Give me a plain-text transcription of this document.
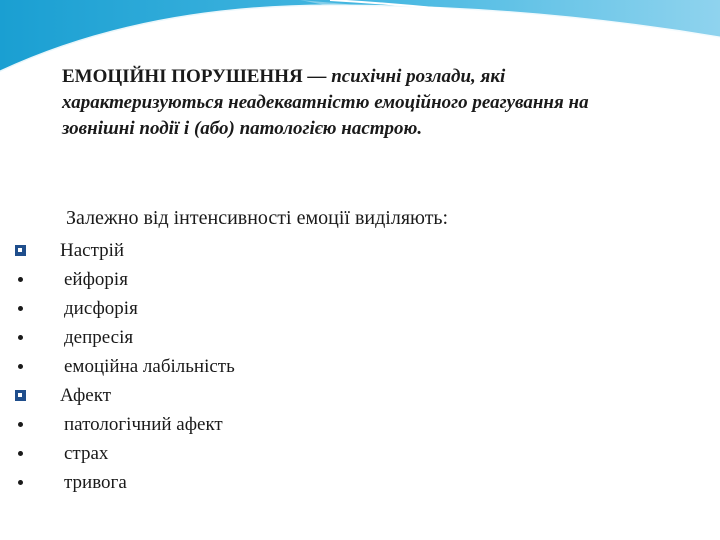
ЕМОЦІЙНІ ПОРУШЕННЯ — психічні розлади, які характеризуються неадекватністю емоційного реагування на зовнішні події і (або) патологією настрою.
Залежно від інтенсивності емоції виділяють:
Настрій
ейфорія
дисфорія
депресія
емоційна лабільність
Афект
патологічний афект
страх
тривога
